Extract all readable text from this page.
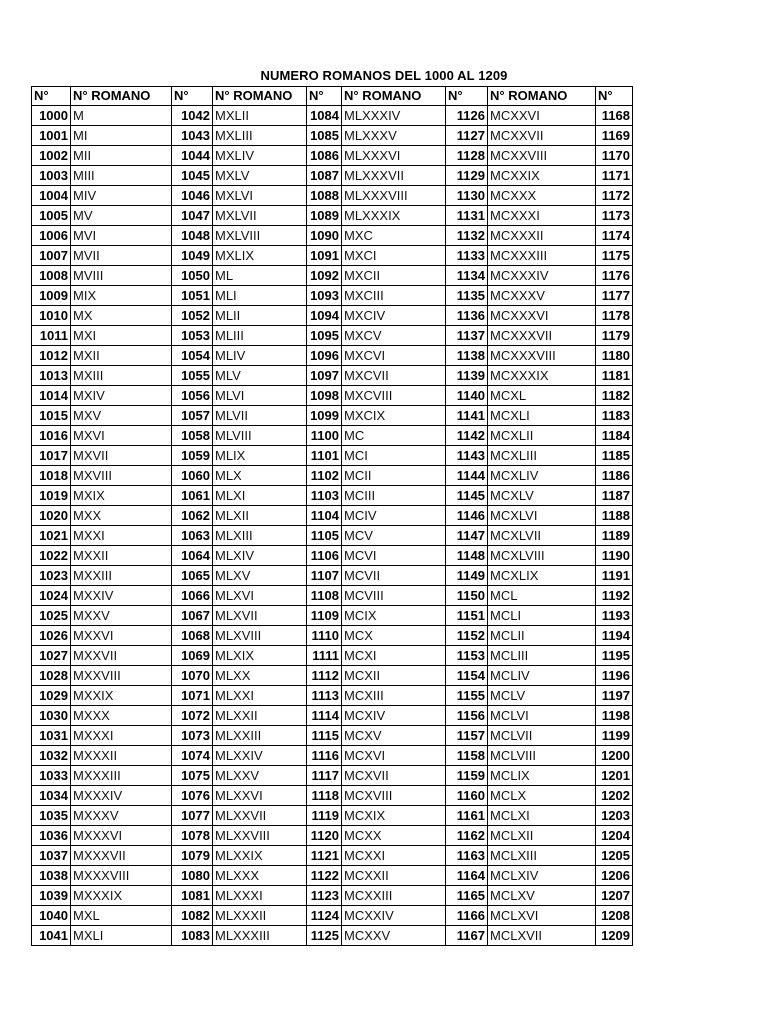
NUMERO ROMANOS DEL 1000 AL 1209
N°	N° ROMANO	N°	N° ROMANO	N°	N° ROMANO	N°	N° ROMANO	N°
1000	M	1042	MXLII	1084	MLXXXIV	1126	MCXXVI	1168
1001	MI	1043	MXLIII	1085	MLXXXV	1127	MCXXVII	1169
1002	MII	1044	MXLIV	1086	MLXXXVI	1128	MCXXVIII	1170
1003	MIII	1045	MXLV	1087	MLXXXVII	1129	MCXXIX	1171
1004	MIV	1046	MXLVI	1088	MLXXXVIII	1130	MCXXX	1172
1005	MV	1047	MXLVII	1089	MLXXXIX	1131	MCXXXI	1173
1006	MVI	1048	MXLVIII	1090	MXC	1132	MCXXXII	1174
1007	MVII	1049	MXLIX	1091	MXCI	1133	MCXXXIII	1175
1008	MVIII	1050	ML	1092	MXCII	1134	MCXXXIV	1176
1009	MIX	1051	MLI	1093	MXCIII	1135	MCXXXV	1177
1010	MX	1052	MLII	1094	MXCIV	1136	MCXXXVI	1178
1011	MXI	1053	MLIII	1095	MXCV	1137	MCXXXVII	1179
1012	MXII	1054	MLIV	1096	MXCVI	1138	MCXXXVIII	1180
1013	MXIII	1055	MLV	1097	MXCVII	1139	MCXXXIX	1181
1014	MXIV	1056	MLVI	1098	MXCVIII	1140	MCXL	1182
1015	MXV	1057	MLVII	1099	MXCIX	1141	MCXLI	1183
1016	MXVI	1058	MLVIII	1100	MC	1142	MCXLII	1184
1017	MXVII	1059	MLIX	1101	MCI	1143	MCXLIII	1185
1018	MXVIII	1060	MLX	1102	MCII	1144	MCXLIV	1186
1019	MXIX	1061	MLXI	1103	MCIII	1145	MCXLV	1187
1020	MXX	1062	MLXII	1104	MCIV	1146	MCXLVI	1188
1021	MXXI	1063	MLXIII	1105	MCV	1147	MCXLVII	1189
1022	MXXII	1064	MLXIV	1106	MCVI	1148	MCXLVIII	1190
1023	MXXIII	1065	MLXV	1107	MCVII	1149	MCXLIX	1191
1024	MXXIV	1066	MLXVI	1108	MCVIII	1150	MCL	1192
1025	MXXV	1067	MLXVII	1109	MCIX	1151	MCLI	1193
1026	MXXVI	1068	MLXVIII	1110	MCX	1152	MCLII	1194
1027	MXXVII	1069	MLXIX	1111	MCXI	1153	MCLIII	1195
1028	MXXVIII	1070	MLXX	1112	MCXII	1154	MCLIV	1196
1029	MXXIX	1071	MLXXI	1113	MCXIII	1155	MCLV	1197
1030	MXXX	1072	MLXXII	1114	MCXIV	1156	MCLVI	1198
1031	MXXXI	1073	MLXXIII	1115	MCXV	1157	MCLVII	1199
1032	MXXXII	1074	MLXXIV	1116	MCXVI	1158	MCLVIII	1200
1033	MXXXIII	1075	MLXXV	1117	MCXVII	1159	MCLIX	1201
1034	MXXXIV	1076	MLXXVI	1118	MCXVIII	1160	MCLX	1202
1035	MXXXV	1077	MLXXVII	1119	MCXIX	1161	MCLXI	1203
1036	MXXXVI	1078	MLXXVIII	1120	MCXX	1162	MCLXII	1204
1037	MXXXVII	1079	MLXXIX	1121	MCXXI	1163	MCLXIII	1205
1038	MXXXVIII	1080	MLXXX	1122	MCXXII	1164	MCLXIV	1206
1039	MXXXIX	1081	MLXXXI	1123	MCXXIII	1165	MCLXV	1207
1040	MXL	1082	MLXXXII	1124	MCXXIV	1166	MCLXVI	1208
1041	MXLI	1083	MLXXXIII	1125	MCXXV	1167	MCLXVII	1209
